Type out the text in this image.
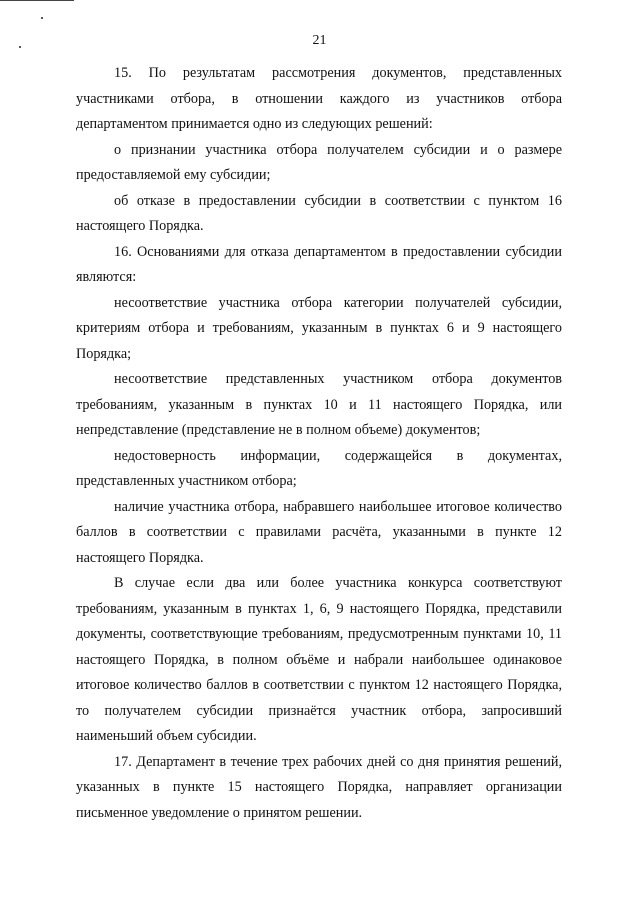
21

15. По результатам рассмотрения документов, представленных участниками отбора, в отношении каждого из участников отбора департаментом принимается одно из следующих решений:

о признании участника отбора получателем субсидии и о размере предоставляемой ему субсидии;

об отказе в предоставлении субсидии в соответствии с пунктом 16 настоящего Порядка.

16. Основаниями для отказа департаментом в предоставлении субсидии являются:

несоответствие участника отбора категории получателей субсидии, критериям отбора и требованиям, указанным в пунктах 6 и 9 настоящего Порядка;

несоответствие представленных участником отбора документов требованиям, указанным в пунктах 10 и 11 настоящего Порядка, или непредставление (представление не в полном объеме) документов;

недостоверность информации, содержащейся в документах, представленных участником отбора;

наличие участника отбора, набравшего наибольшее итоговое количество баллов в соответствии с правилами расчёта, указанными в пункте 12 настоящего Порядка.

В случае если два или более участника конкурса соответствуют требованиям, указанным в пунктах 1, 6, 9 настоящего Порядка, представили документы, соответствующие требованиям, предусмотренным пунктами 10, 11 настоящего Порядка, в полном объёме и набрали наибольшее одинаковое итоговое количество баллов в соответствии с пунктом 12 настоящего Порядка, то получателем субсидии признаётся участник отбора, запросивший наименьший объем субсидии.

17. Департамент в течение трех рабочих дней со дня принятия решений, указанных в пункте 15 настоящего Порядка, направляет организации письменное уведомление о принятом решении.
